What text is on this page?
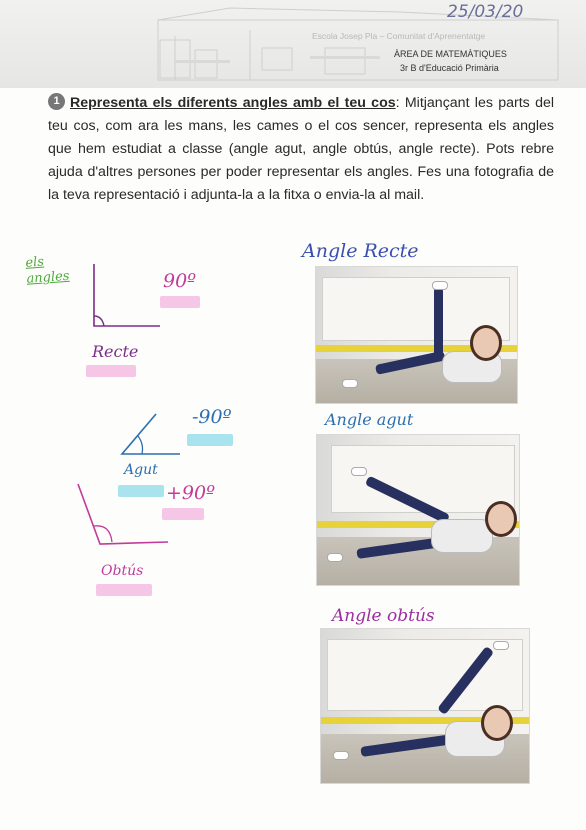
25/03/20
Escola Josep Pla – Comunitat d'Aprenentatge
ÀREA DE MATEMÀTIQUES
3r B d'Educació Primària
Representa els diferents angles amb el teu cos: Mitjançant les parts del teu cos, com ara les mans, les cames o el cos sencer, representa els angles que hem estudiat a classe (angle agut, angle obtús, angle recte). Pots rebre ajuda d'altres persones per poder representar els angles. Fes una fotografia de la teva representació i adjunta-la a la fitxa o envia-la al mail.
1
els angles	90º
Recte
-90º
Agut
+90º
Obtús
Angle Recte
Angle agut
Angle obtús
